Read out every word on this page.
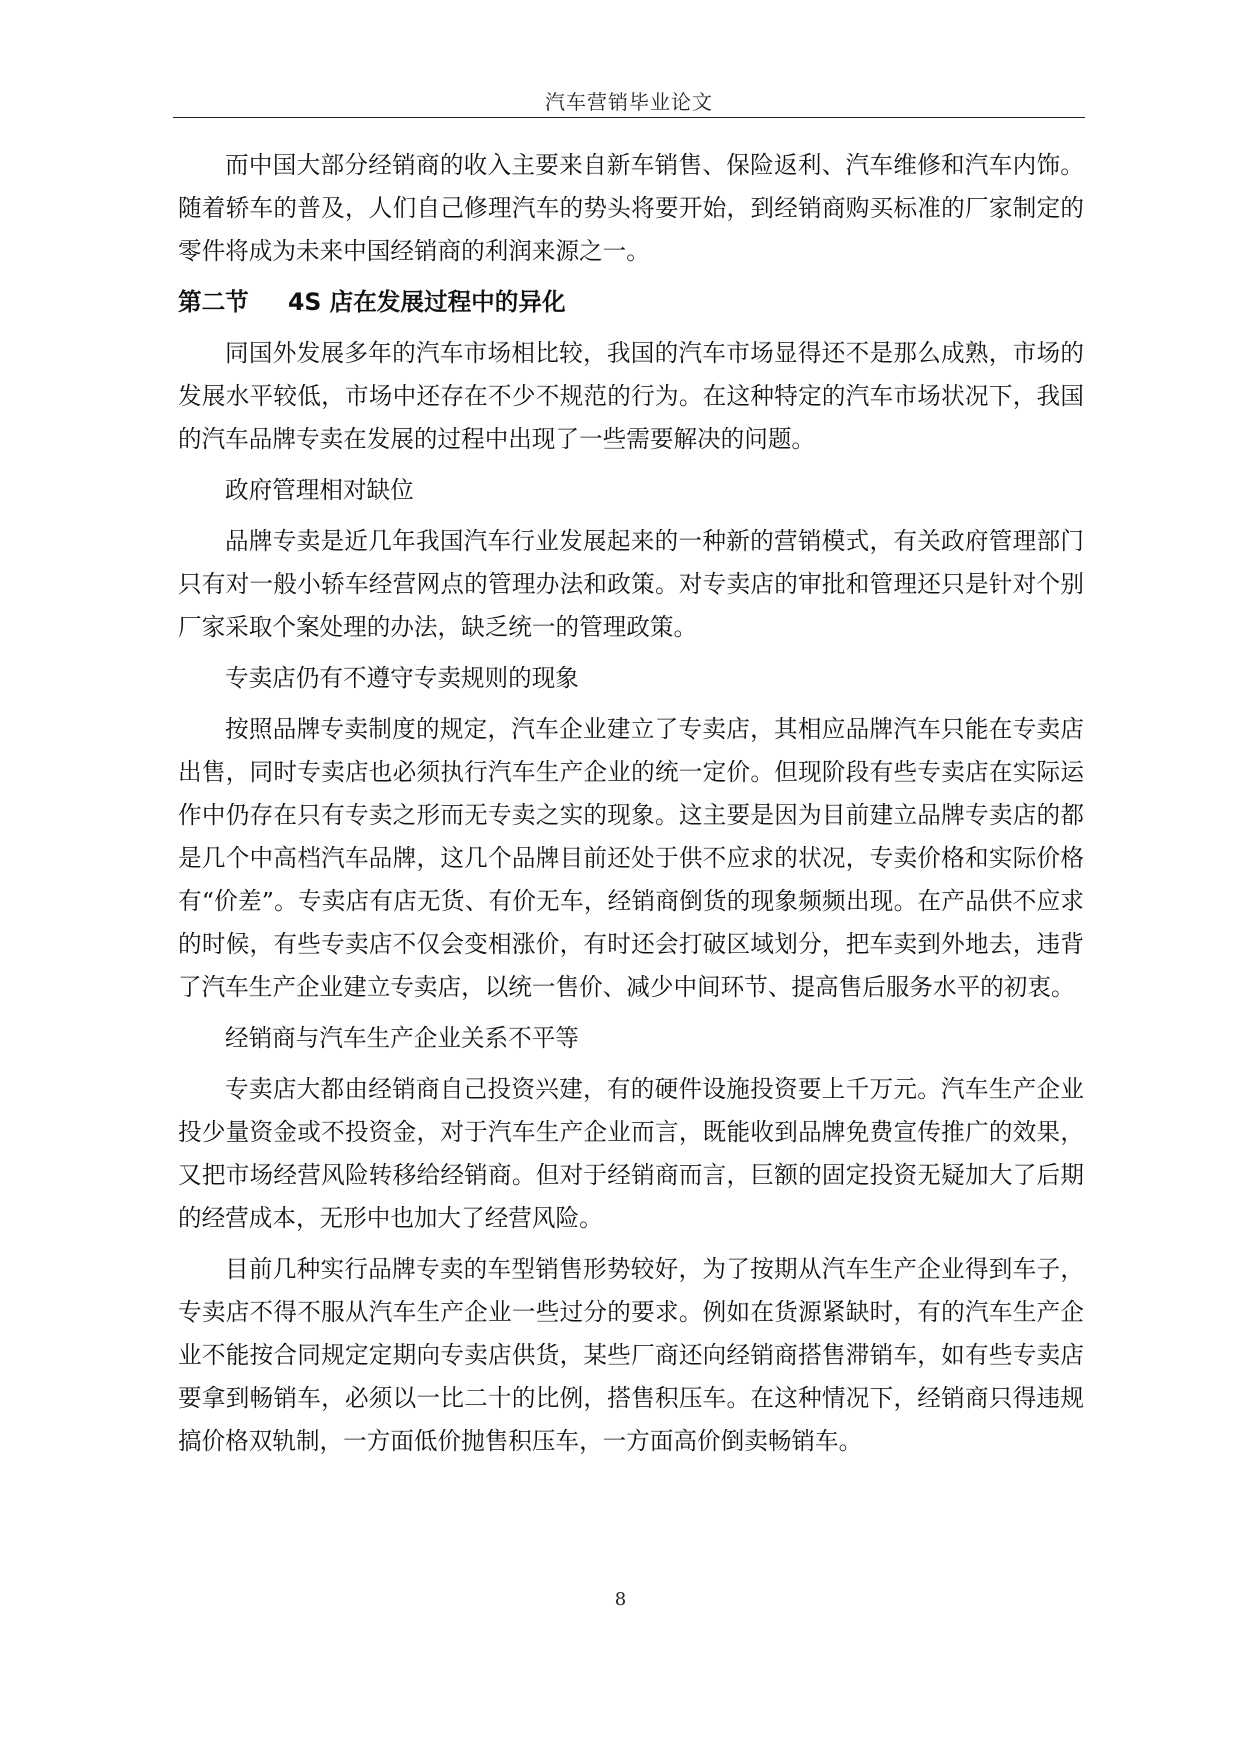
汽车营销毕业论文

而中国大部分经销商的收入主要来自新车销售、保险返利、汽车维修和汽车内饰。随着轿车的普及，人们自己修理汽车的势头将要开始，到经销商购买标准的厂家制定的零件将成为未来中国经销商的利润来源之一。

第二节 4S 店在发展过程中的异化

同国外发展多年的汽车市场相比较，我国的汽车市场显得还不是那么成熟，市场的发展水平较低，市场中还存在不少不规范的行为。在这种特定的汽车市场状况下，我国的汽车品牌专卖在发展的过程中出现了一些需要解决的问题。

政府管理相对缺位

品牌专卖是近几年我国汽车行业发展起来的一种新的营销模式，有关政府管理部门只有对一般小轿车经营网点的管理办法和政策。对专卖店的审批和管理还只是针对个别厂家采取个案处理的办法，缺乏统一的管理政策。

专卖店仍有不遵守专卖规则的现象

按照品牌专卖制度的规定，汽车企业建立了专卖店，其相应品牌汽车只能在专卖店出售，同时专卖店也必须执行汽车生产企业的统一定价。但现阶段有些专卖店在实际运作中仍存在只有专卖之形而无专卖之实的现象。这主要是因为目前建立品牌专卖店的都是几个中高档汽车品牌，这几个品牌目前还处于供不应求的状况，专卖价格和实际价格有“价差”。专卖店有店无货、有价无车，经销商倒货的现象频频出现。在产品供不应求的时候，有些专卖店不仅会变相涨价，有时还会打破区域划分，把车卖到外地去，违背了汽车生产企业建立专卖店，以统一售价、减少中间环节、提高售后服务水平的初衷。

经销商与汽车生产企业关系不平等

专卖店大都由经销商自己投资兴建，有的硬件设施投资要上千万元。汽车生产企业投少量资金或不投资金，对于汽车生产企业而言，既能收到品牌免费宣传推广的效果，又把市场经营风险转移给经销商。但对于经销商而言，巨额的固定投资无疑加大了后期的经营成本，无形中也加大了经营风险。

目前几种实行品牌专卖的车型销售形势较好，为了按期从汽车生产企业得到车子，专卖店不得不服从汽车生产企业一些过分的要求。例如在货源紧缺时，有的汽车生产企业不能按合同规定定期向专卖店供货，某些厂商还向经销商搭售滞销车，如有些专卖店要拿到畅销车，必须以一比二十的比例，搭售积压车。在这种情况下，经销商只得违规搞价格双轨制，一方面低价抛售积压车，一方面高价倒卖畅销车。

8
